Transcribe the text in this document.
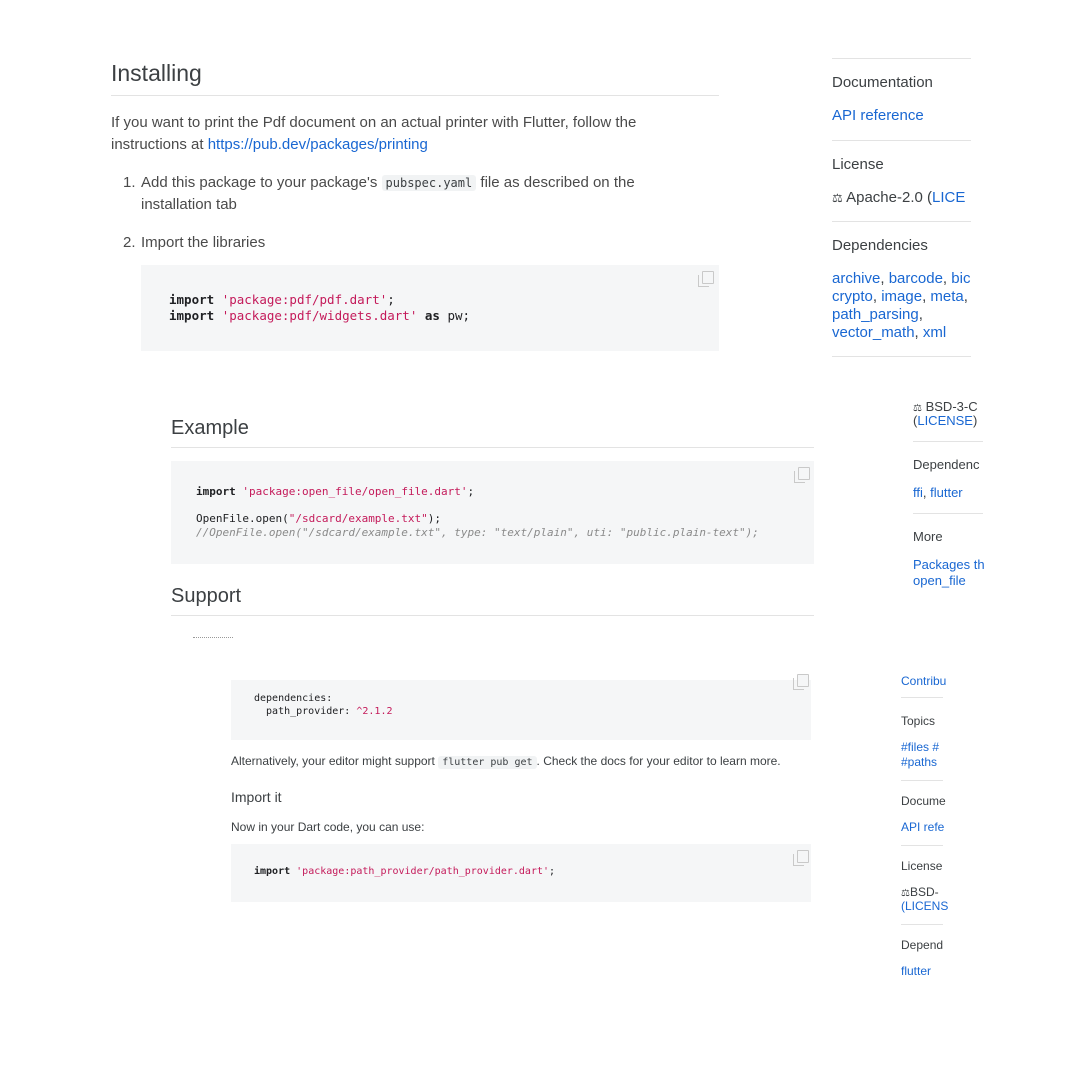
Installing
If you want to print the Pdf document on an actual printer with Flutter, follow the instructions at https://pub.dev/packages/printing
1. Add this package to your package's pubspec.yaml file as described on the installation tab
2. Import the libraries
import 'package:pdf/pdf.dart';
import 'package:pdf/widgets.dart' as pw;
Documentation
API reference
License
⚖ Apache-2.0 (LICE
Dependencies
archive, barcode, bic
crypto, image, meta,
path_parsing,
vector_math, xml
Example
import 'package:open_file/open_file.dart';

OpenFile.open("/sdcard/example.txt");
//OpenFile.open("/sdcard/example.txt", type: "text/plain", uti: "public.plain-text");
Support
⚖ BSD-3-C
(LICENSE)
Dependenc
ffi, flutter
More
Packages th
open_file
dependencies:
path_provider: ^2.1.2
Alternatively, your editor might support flutter pub get . Check the docs for your editor to learn more.
Import it
Now in your Dart code, you can use:
import 'package:path_provider/path_provider.dart';
Contribu
Topics
#files #
#paths
Docume
API refe
License
⚖BSD-
(LICENS
Depend
flutter
